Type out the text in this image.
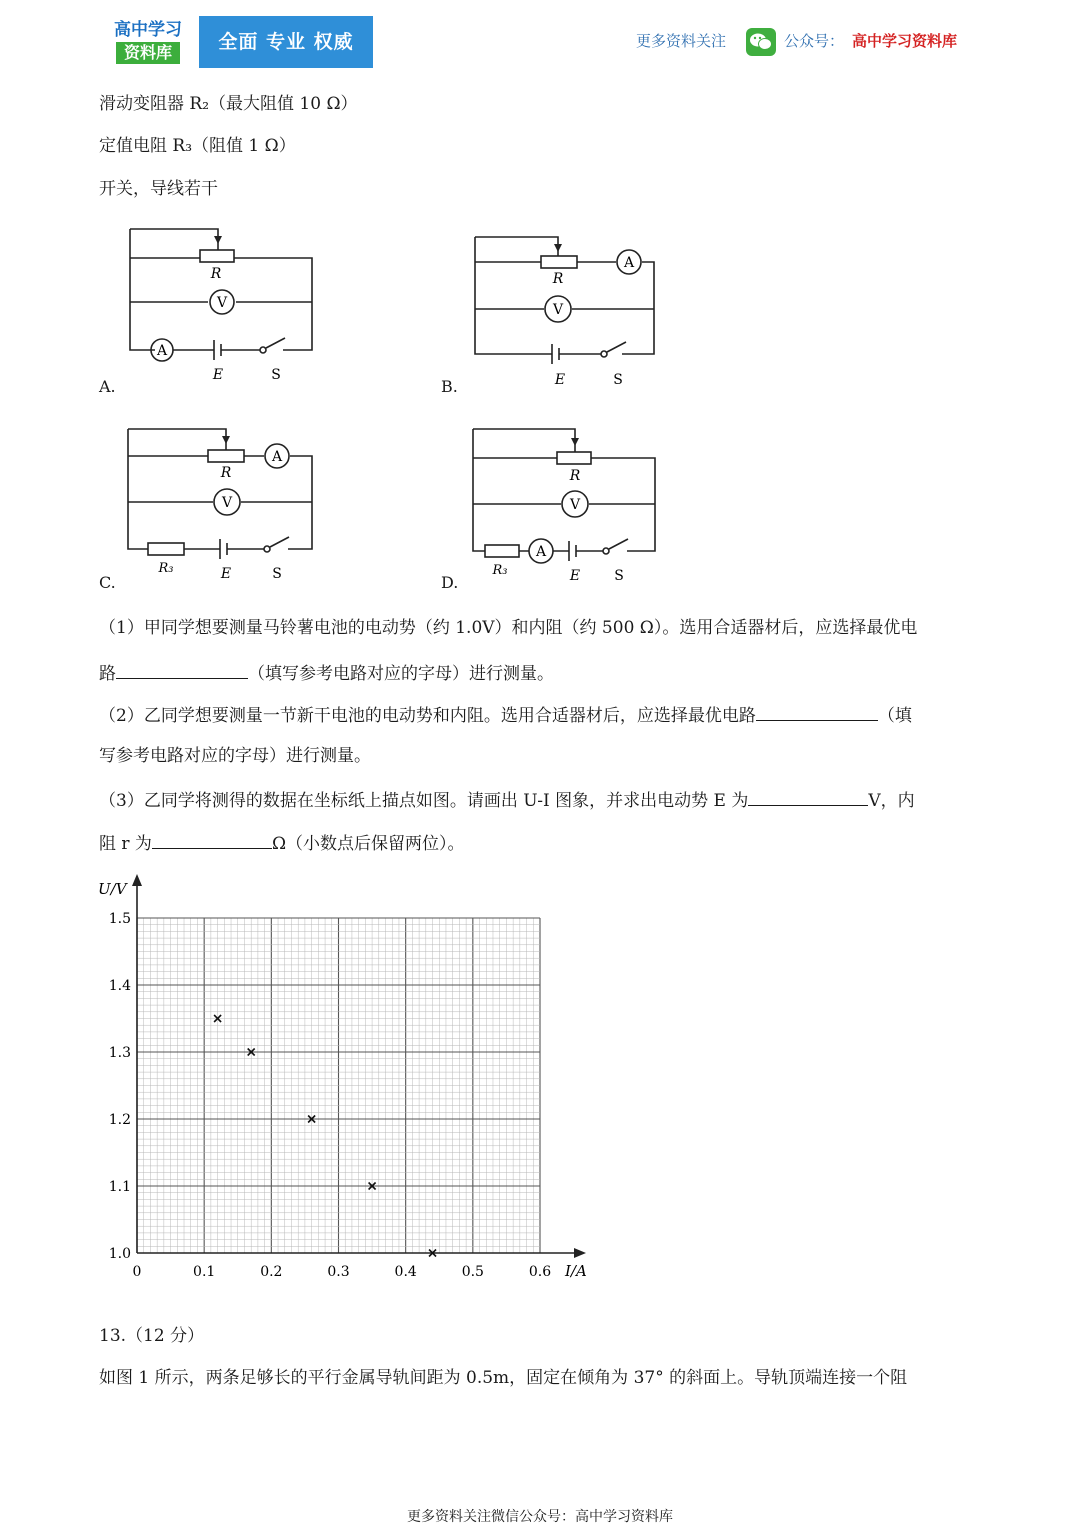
高中学习
资料库	全面 专业 权威	更多资料关注	公众号： 高中学习资料库
滑动变阻器 R₂（最大阻值 10 Ω）
定值电阻 R₃（阻值 1 Ω）
开关，导线若干
R
V
A
E	S
A.
R
A
V
E	S
B.
R
A
V
R₃	E	S
C.
R
V
A
R₃	E S
D.
（1）甲同学想要测量马铃薯电池的电动势（约 1.0V）和内阻（约 500 Ω）。选用合适器材后，应选择最优电
路	（填写参考电路对应的字母）进行测量。
（2）乙同学想要测量一节新干电池的电动势和内阻。选用合适器材后，应选择最优电路	（填
写参考电路对应的字母）进行测量。
（3）乙同学将测得的数据在坐标纸上描点如图。请画出 U-I 图象，并求出电动势 E 为	V，内
阻 r 为	Ω（小数点后保留两位）。
0	0.1	0.2	0.3	0.4	0.5	0.6
1.0
1.1
1.2
1.3
1.4
1.5
U/V
I/A
13.（12 分）
如图 1 所示，两条足够长的平行金属导轨间距为 0.5m，固定在倾角为 37° 的斜面上。导轨顶端连接一个阻
更多资料关注微信公众号：高中学习资料库
